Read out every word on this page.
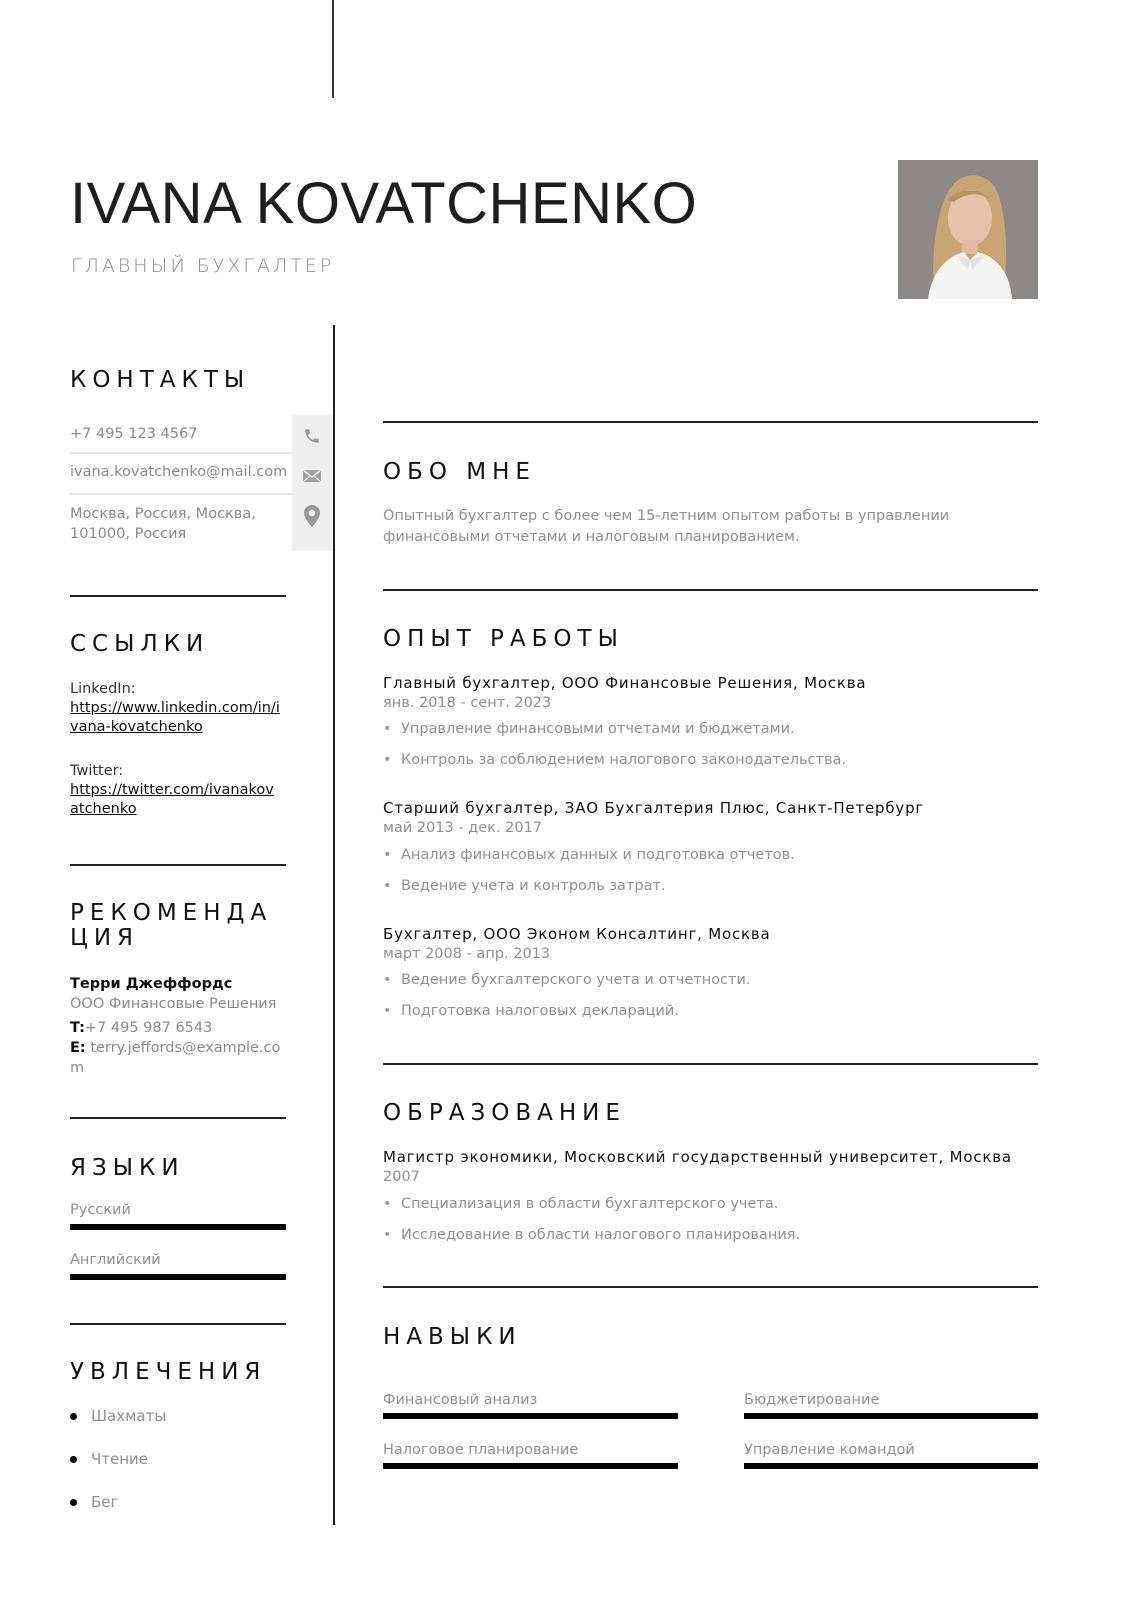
IVANA KOVATCHENKO
ГЛАВНЫЙ БУХГАЛТЕР
КОНТАКТЫ
+7 495 123 4567
ivana.kovatchenko@mail.com
Москва, Россия, Москва, 101000, Россия
ССЫЛКИ
LinkedIn:
https://www.linkedin.com/in/ivana-kovatchenko
Twitter:
https://twitter.com/ivanakovatchenko
РЕКОМЕНДА
ЦИЯ
Терри Джеффордс
ООО Финансовые Решения
T:+7 495 987 6543
E: terry.jeffords@example.com
ЯЗЫКИ
Русский
Английский
УВЛЕЧЕНИЯ
Шахматы
Чтение
Бег
ОБО МНЕ
Опытный бухгалтер с более чем 15-летним опытом работы в управлении финансовыми отчетами и налоговым планированием.
ОПЫТ РАБОТЫ
Главный бухгалтер, ООО Финансовые Решения, Москва
янв. 2018 - сент. 2023
• Управление финансовыми отчетами и бюджетами.
• Контроль за соблюдением налогового законодательства.
Старший бухгалтер, ЗАО Бухгалтерия Плюс, Санкт-Петербург
май 2013 - дек. 2017
• Анализ финансовых данных и подготовка отчетов.
• Ведение учета и контроль затрат.
Бухгалтер, ООО Эконом Консалтинг, Москва
март 2008 - апр. 2013
• Ведение бухгалтерского учета и отчетности.
• Подготовка налоговых деклараций.
ОБРАЗОВАНИЕ
Магистр экономики, Московский государственный университет, Москва
2007
• Специализация в области бухгалтерского учета.
• Исследование в области налогового планирования.
НАВЫКИ
Финансовый анализ	Бюджетирование
Налоговое планирование	Управление командой
